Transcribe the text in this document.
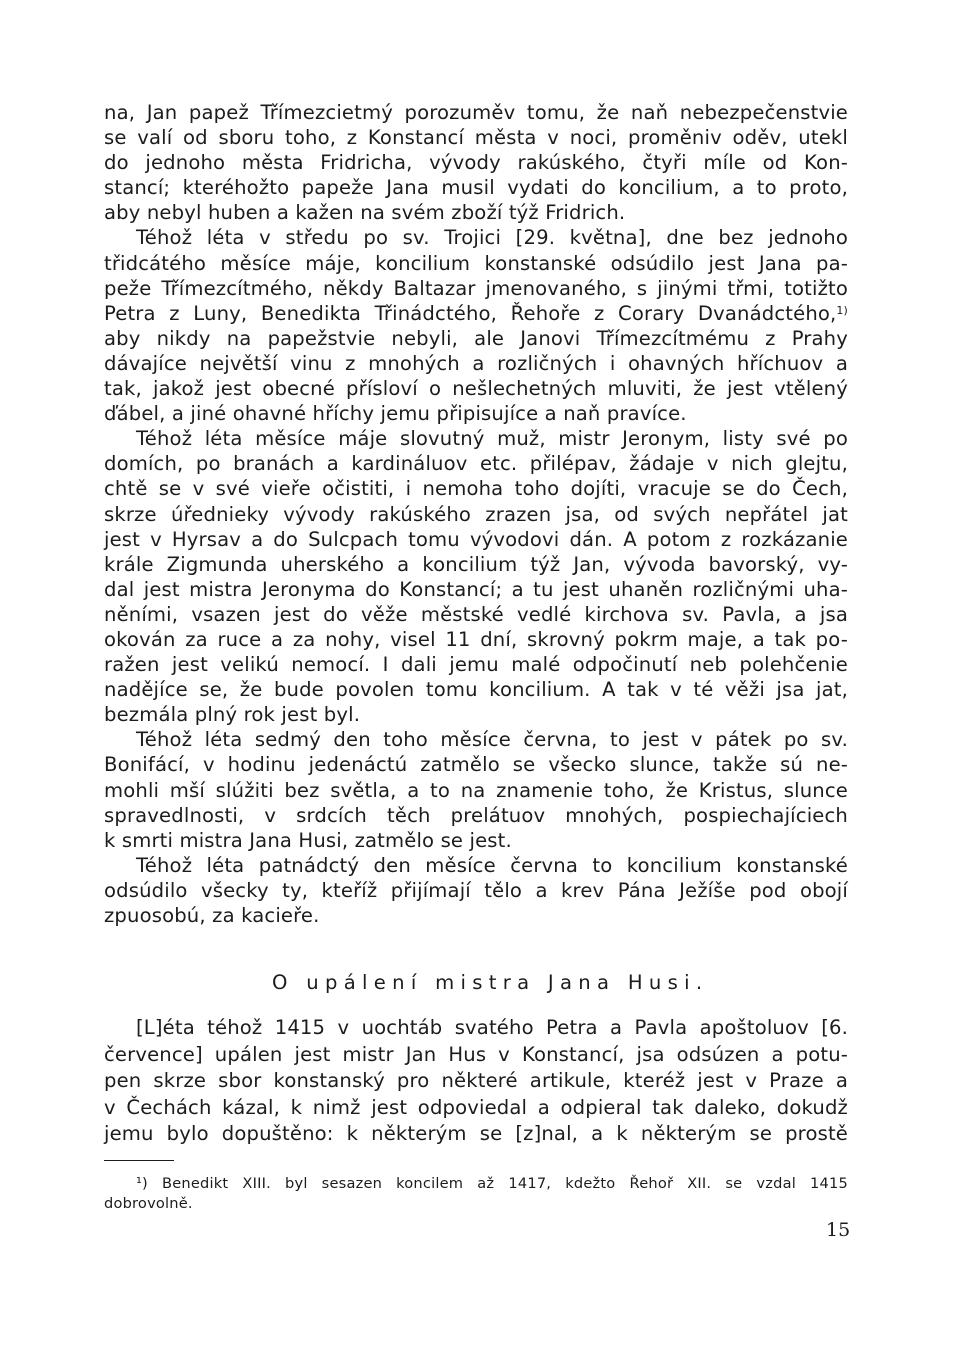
na, Jan papež Třímezcietmý porozuměv tomu, že naň nebezpečenstvie
se valí od sboru toho, z Konstancí města v noci, proměniv oděv, utekl
do jednoho města Fridricha, vývody rakúského, čtyři míle od Kon-
stancí; kteréhožto papeže Jana musil vydati do koncilium, a to proto,
aby nebyl huben a kažen na svém zboží týž Fridrich.
Téhož léta v středu po sv. Trojici [29. května], dne bez jednoho
třidcátého měsíce máje, koncilium konstanské odsúdilo jest Jana pa-
peže Třímezcítmého, někdy Baltazar jmenovaného, s jinými třmi, totižto
Petra z Luny, Benedikta Třinádctého, Řehoře z Corary Dvanádctého,$^{1)}$
aby nikdy na papežstvie nebyli, ale Janovi Třímezcítmému z Prahy
dávajíce největší vinu z mnohých a rozličných i ohavných hříchuov a
tak, jakož jest obecné přísloví o nešlechetných mluviti, že jest vtělený
ďábel, a jiné ohavné hříchy jemu připisujíce a naň pravíce.
Téhož léta měsíce máje slovutný muž, mistr Jeronym, listy své po
domích, po branách a kardináluov etc. přilépav, žádaje v nich glejtu,
chtě se v své vieře očistiti, i nemoha toho dojíti, vracuje se do Čech,
skrze úřednieky vývody rakúského zrazen jsa, od svých nepřátel jat
jest v Hyrsav a do Sulcpach tomu vývodovi dán. A potom z rozkázanie
krále Zigmunda uherského a koncilium týž Jan, vývoda bavorský, vy-
dal jest mistra Jeronyma do Konstancí; a tu jest uhaněn rozličnými uha-
něními, vsazen jest do věže městské vedlé kirchova sv. Pavla, a jsa
okován za ruce a za nohy, visel 11 dní, skrovný pokrm maje, a tak po-
ražen jest velikú nemocí. I dali jemu malé odpočinutí neb polehčenie
nadějíce se, že bude povolen tomu koncilium. A tak v té věži jsa jat,
bezmála plný rok jest byl.
Téhož léta sedmý den toho měsíce června, to jest v pátek po sv.
Bonifácí, v hodinu jedenáctú zatmělo se všecko slunce, takže sú ne-
mohli mší slúžiti bez světla, a to na znamenie toho, že Kristus, slunce
spravedlnosti, v srdcích těch prelátuov mnohých, pospiechajíciech
k smrti mistra Jana Husi, zatmělo se jest.
Téhož léta patnádctý den měsíce června to koncilium konstanské
odsúdilo všecky ty, kteříž přijímají tělo a krev Pána Ježíše pod obojí
zpuosobú, za kacieře.
O upálení mistra Jana Husi.
[L]éta téhož 1415 v uochtáb svatého Petra a Pavla apoštoluov [6.
července] upálen jest mistr Jan Hus v Konstancí, jsa odsúzen a potu-
pen skrze sbor konstanský pro některé artikule, kteréž jest v Praze a
v Čechách kázal, k nimž jest odpoviedal a odpieral tak daleko, dokudž
jemu bylo dopuštěno: k některým se [z]nal, a k některým se prostě
¹) Benedikt XIII. byl sesazen koncilem až 1417, kdežto Řehoř XII. se vzdal 1415
dobrovolně.
15
